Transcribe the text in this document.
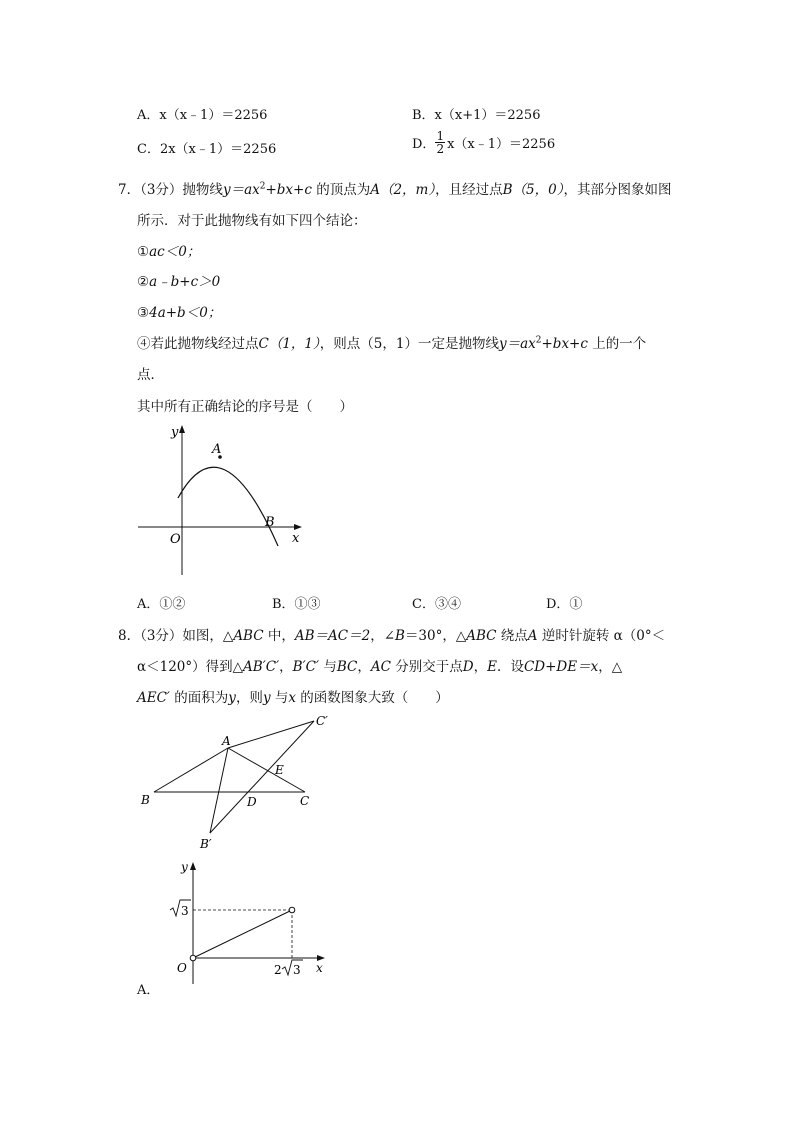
A．x（x﹣1）＝2256	B．x（x+1）＝2256
C．2x（x﹣1）＝2256	D． $\frac{1}{2}$ x（x﹣1）＝2256
7．（3分）抛物线$y=ax^2+bx+c$ 的顶点为A（2，m），且经过点B（5，0），其部分图象如图
所示．对于此抛物线有如下四个结论：
①ac＜0；
②a﹣b+c＞0
③4a+b＜0；
④若此抛物线经过点C（1，1），则点（5，1）一定是抛物线$y=ax^2+bx+c$ 上的一个
点．
其中所有正确结论的序号是（　　）
y
x
O
A
B
A．①②	B．①③	C．③④	D．①
8．（3分）如图，△ABC 中，AB＝AC＝2，∠B＝30°，△ABC 绕点A 逆时针旋转 α（0°＜
α＜120°）得到△AB′C′，B′C′ 与BC，AC 分别交于点D，E．设CD+DE＝x，△
AEC′ 的面积为y，则y 与x 的函数图象大致（　　）
A
B	C
D
E
B′
C′
y
x
O
3
2 3
A．
